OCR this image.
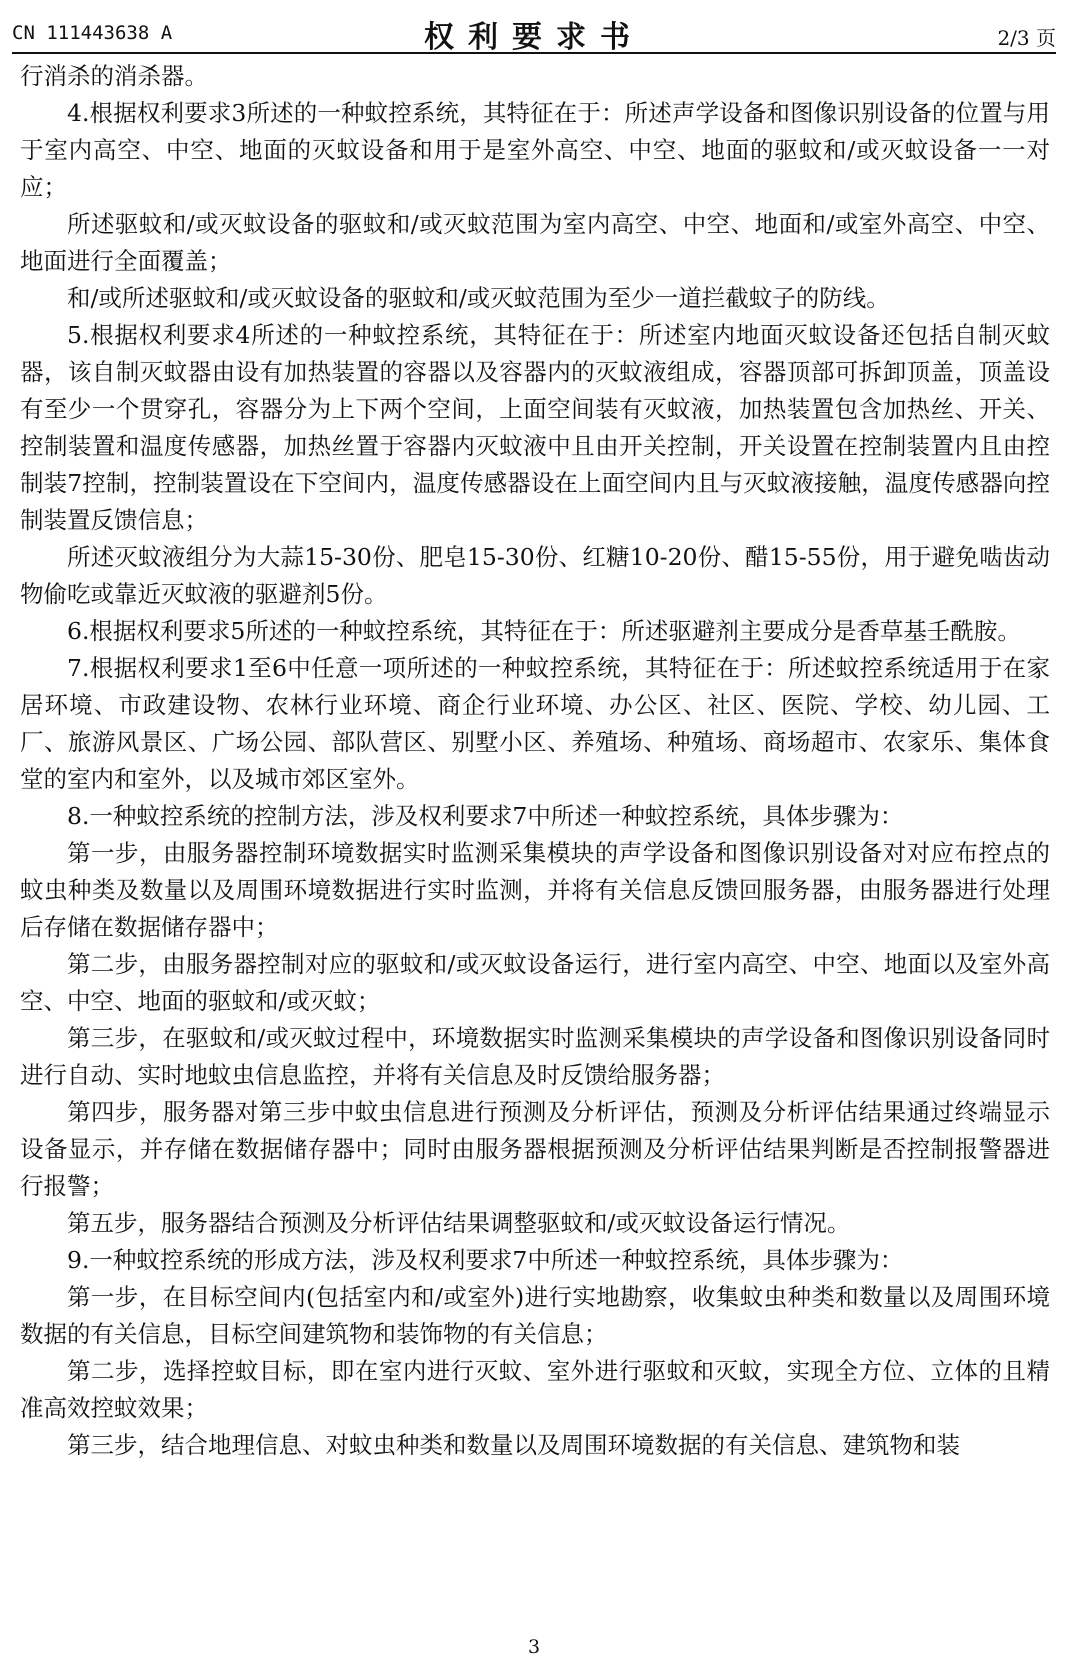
CN 111443638 A	权利要求书	2/3 页

行消杀的消杀器。

4.根据权利要求3所述的一种蚊控系统，其特征在于：所述声学设备和图像识别设备的位置与用于室内高空、中空、地面的灭蚊设备和用于是室外高空、中空、地面的驱蚊和/或灭蚊设备一一对应；

所述驱蚊和/或灭蚊设备的驱蚊和/或灭蚊范围为室内高空、中空、地面和/或室外高空、中空、地面进行全面覆盖；

和/或所述驱蚊和/或灭蚊设备的驱蚊和/或灭蚊范围为至少一道拦截蚊子的防线。

5.根据权利要求4所述的一种蚊控系统，其特征在于：所述室内地面灭蚊设备还包括自制灭蚊器，该自制灭蚊器由设有加热装置的容器以及容器内的灭蚊液组成，容器顶部可拆卸顶盖，顶盖设有至少一个贯穿孔，容器分为上下两个空间，上面空间装有灭蚊液，加热装置包含加热丝、开关、控制装置和温度传感器，加热丝置于容器内灭蚊液中且由开关控制，开关设置在控制装置内且由控制装7控制，控制装置设在下空间内，温度传感器设在上面空间内且与灭蚊液接触，温度传感器向控制装置反馈信息；

所述灭蚊液组分为大蒜15-30份、肥皂15-30份、红糖10-20份、醋15-55份，用于避免啮齿动物偷吃或靠近灭蚊液的驱避剂5份。

6.根据权利要求5所述的一种蚊控系统，其特征在于：所述驱避剂主要成分是香草基壬酰胺。

7.根据权利要求1至6中任意一项所述的一种蚊控系统，其特征在于：所述蚊控系统适用于在家居环境、市政建设物、农林行业环境、商企行业环境、办公区、社区、医院、学校、幼儿园、工厂、旅游风景区、广场公园、部队营区、别墅小区、养殖场、种殖场、商场超市、农家乐、集体食堂的室内和室外，以及城市郊区室外。

8.一种蚊控系统的控制方法，涉及权利要求7中所述一种蚊控系统，具体步骤为：

第一步，由服务器控制环境数据实时监测采集模块的声学设备和图像识别设备对对应布控点的蚊虫种类及数量以及周围环境数据进行实时监测，并将有关信息反馈回服务器，由服务器进行处理后存储在数据储存器中；

第二步，由服务器控制对应的驱蚊和/或灭蚊设备运行，进行室内高空、中空、地面以及室外高空、中空、地面的驱蚊和/或灭蚊；

第三步，在驱蚊和/或灭蚊过程中，环境数据实时监测采集模块的声学设备和图像识别设备同时进行自动、实时地蚊虫信息监控，并将有关信息及时反馈给服务器；

第四步，服务器对第三步中蚊虫信息进行预测及分析评估，预测及分析评估结果通过终端显示设备显示，并存储在数据储存器中；同时由服务器根据预测及分析评估结果判断是否控制报警器进行报警；

第五步，服务器结合预测及分析评估结果调整驱蚊和/或灭蚊设备运行情况。

9.一种蚊控系统的形成方法，涉及权利要求7中所述一种蚊控系统，具体步骤为：

第一步，在目标空间内(包括室内和/或室外)进行实地勘察，收集蚊虫种类和数量以及周围环境数据的有关信息，目标空间建筑物和装饰物的有关信息；

第二步，选择控蚊目标，即在室内进行灭蚊、室外进行驱蚊和灭蚊，实现全方位、立体的且精准高效控蚊效果；

第三步，结合地理信息、对蚊虫种类和数量以及周围环境数据的有关信息、建筑物和装

3
